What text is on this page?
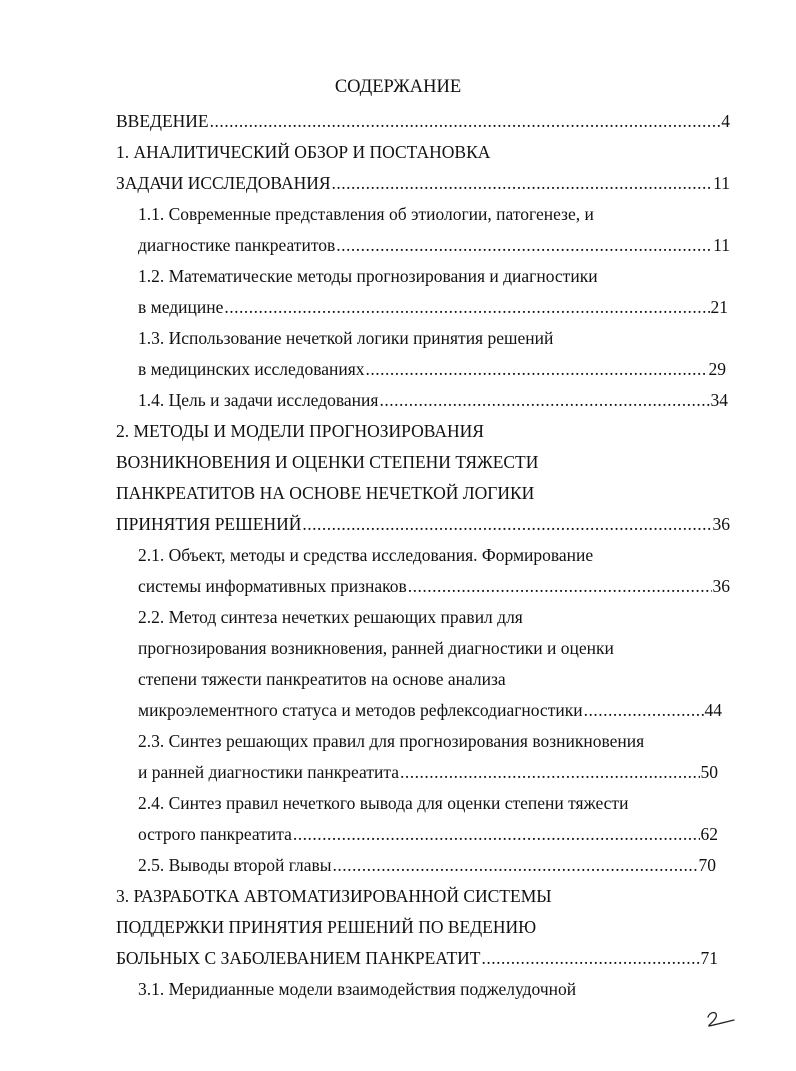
СОДЕРЖАНИЕ
ВВЕДЕНИЕ .....	4
1. АНАЛИТИЧЕСКИЙ ОБЗОР И ПОСТАНОВКА
ЗАДАЧИ ИССЛЕДОВАНИЯ .....	11
1.1. Современные представления об этиологии, патогенезе, и
диагностике панкреатитов .....	11
1.2. Математические методы прогнозирования и диагностики
в медицине .....	21
1.3. Использование нечеткой логики принятия решений
в медицинских исследованиях .....	29
1.4. Цель и задачи исследования .....	34
2. МЕТОДЫ И МОДЕЛИ ПРОГНОЗИРОВАНИЯ
ВОЗНИКНОВЕНИЯ И ОЦЕНКИ СТЕПЕНИ ТЯЖЕСТИ
ПАНКРЕАТИТОВ НА ОСНОВЕ НЕЧЕТКОЙ ЛОГИКИ
ПРИНЯТИЯ РЕШЕНИЙ .....	36
2.1. Объект, методы и средства исследования. Формирование
системы информативных признаков .....	36
2.2. Метод синтеза нечетких решающих правил для
прогнозирования возникновения, ранней диагностики и оценки
степени тяжести панкреатитов на основе анализа
микроэлементного статуса и методов рефлексодиагностики .....	44
2.3. Синтез решающих правил для прогнозирования возникновения
и ранней диагностики панкреатита .....	50
2.4. Синтез правил нечеткого вывода для оценки степени тяжести
острого панкреатита .....	62
2.5. Выводы второй главы .....	70
3. РАЗРАБОТКА АВТОМАТИЗИРОВАННОЙ СИСТЕМЫ
ПОДДЕРЖКИ ПРИНЯТИЯ РЕШЕНИЙ ПО ВЕДЕНИЮ
БОЛЬНЫХ С ЗАБОЛЕВАНИЕМ ПАНКРЕАТИТ .....	71
3.1. Меридианные модели взаимодействия поджелудочной
